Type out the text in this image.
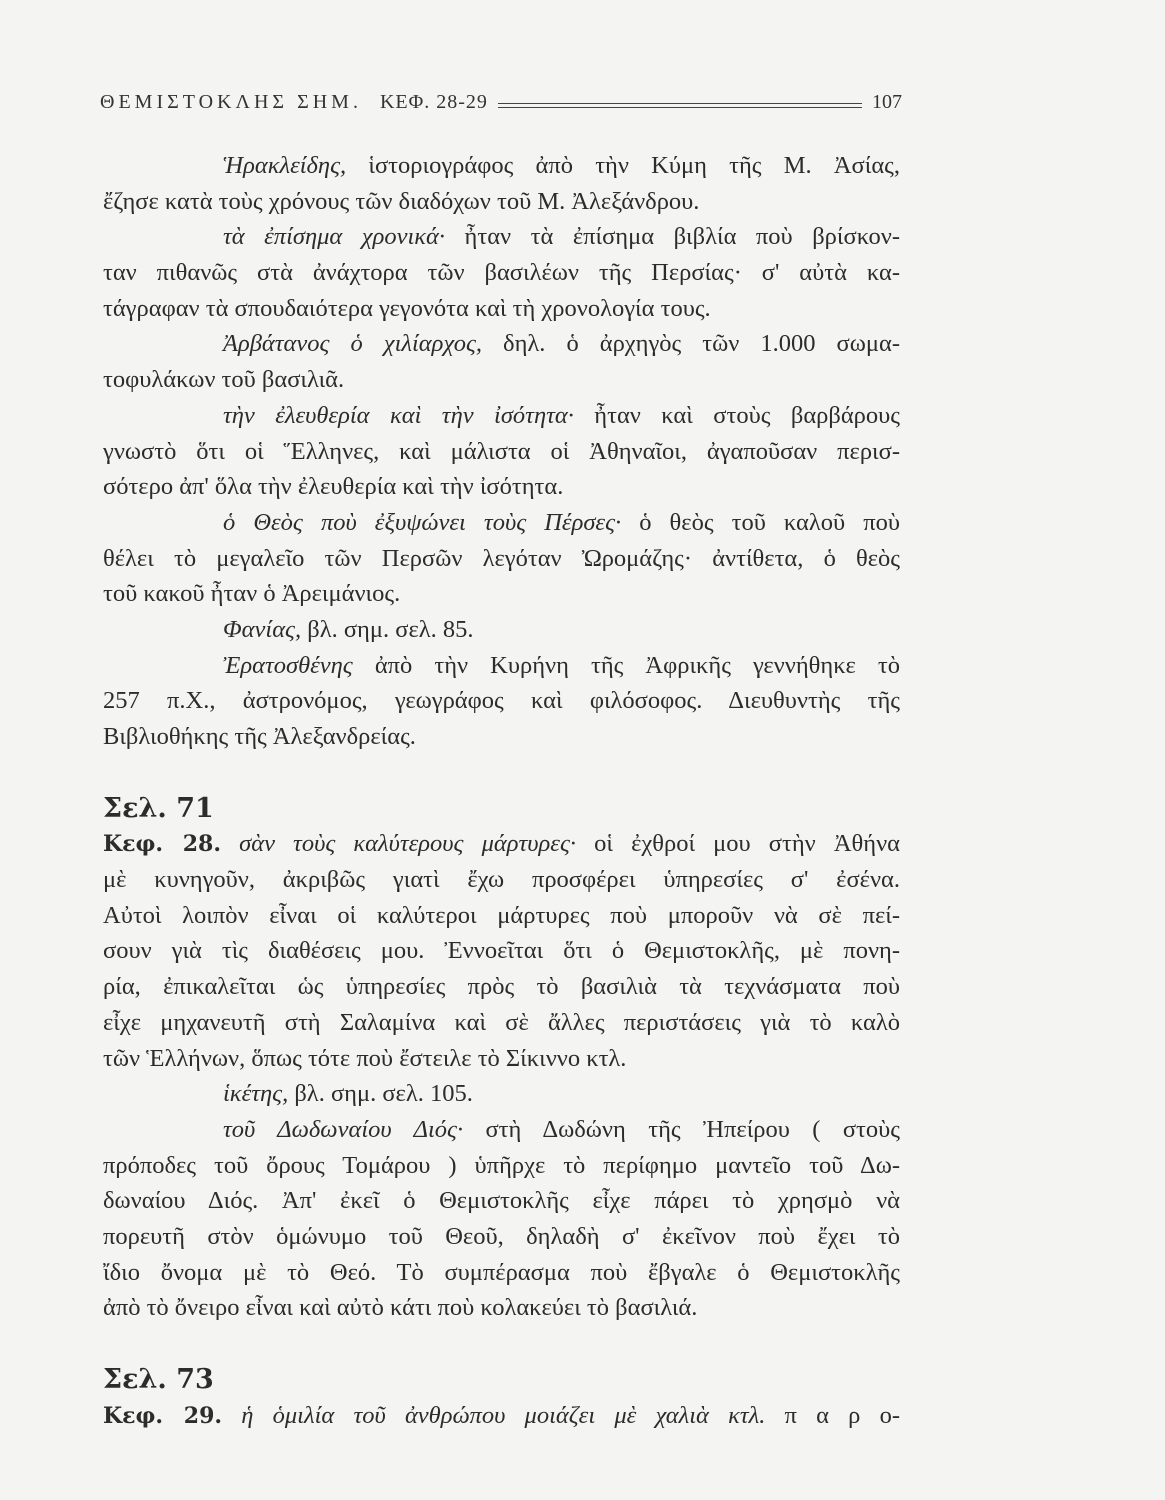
ΘΕΜΙΣΤΟΚΛΗΣ ΣΗΜ. ΚΕΦ. 28-29	107
Ἡρακλείδης, ἱστοριογράφος ἀπὸ τὴν Κύμη τῆς Μ. Ἀσίας,
ἔζησε κατὰ τοὺς χρόνους τῶν διαδόχων τοῦ Μ. Ἀλεξάνδρου.
τὰ ἐπίσημα χρονικά· ἦταν τὰ ἐπίσημα βιβλία ποὺ βρίσκον-
ταν πιθανῶς στὰ ἀνάχτορα τῶν βασιλέων τῆς Περσίας· σ' αὐτὰ κα-
τάγραφαν τὰ σπουδαιότερα γεγονότα καὶ τὴ χρονολογία τους.
Ἀρβάτανος ὁ χιλίαρχος, δηλ. ὁ ἀρχηγὸς τῶν 1.000 σωμα-
τοφυλάκων τοῦ βασιλιᾶ.
τὴν ἐλευθερία καὶ τὴν ἰσότητα· ἦταν καὶ στοὺς βαρβάρους
γνωστὸ ὅτι οἱ Ἕλληνες, καὶ μάλιστα οἱ Ἀθηναῖοι, ἀγαποῦσαν περισ-
σότερο ἀπ' ὅλα τὴν ἐλευθερία καὶ τὴν ἰσότητα.
ὁ Θεὸς ποὺ ἐξυψώνει τοὺς Πέρσες· ὁ θεὸς τοῦ καλοῦ ποὺ
θέλει τὸ μεγαλεῖο τῶν Περσῶν λεγόταν Ὠρομάζης· ἀντίθετα, ὁ θεὸς
τοῦ κακοῦ ἦταν ὁ Ἀρειμάνιος.
Φανίας, βλ. σημ. σελ. 85.
Ἐρατοσθένης ἀπὸ τὴν Κυρήνη τῆς Ἀφρικῆς γεννήθηκε τὸ
257 π.Χ., ἀστρονόμος, γεωγράφος καὶ φιλόσοφος. Διευθυντὴς τῆς
Βιβλιοθήκης τῆς Ἀλεξανδρείας.
Σελ. 71
Κεφ. 28. σὰν τοὺς καλύτερους μάρτυρες· οἱ ἐχθροί μου στὴν Ἀθήνα
μὲ κυνηγοῦν, ἀκριβῶς γιατὶ ἔχω προσφέρει ὑπηρεσίες σ' ἐσένα.
Αὐτοὶ λοιπὸν εἶναι οἱ καλύτεροι μάρτυρες ποὺ μποροῦν νὰ σὲ πεί-
σουν γιὰ τὶς διαθέσεις μου. Ἐννοεῖται ὅτι ὁ Θεμιστοκλῆς, μὲ πονη-
ρία, ἐπικαλεῖται ὡς ὑπηρεσίες πρὸς τὸ βασιλιὰ τὰ τεχνάσματα ποὺ
εἶχε μηχανευτῆ στὴ Σαλαμίνα καὶ σὲ ἄλλες περιστάσεις γιὰ τὸ καλὸ
τῶν Ἑλλήνων, ὅπως τότε ποὺ ἔστειλε τὸ Σίκιννο κτλ.
ἱκέτης, βλ. σημ. σελ. 105.
τοῦ Δωδωναίου Διός· στὴ Δωδώνη τῆς Ἠπείρου ( στοὺς
πρόποδες τοῦ ὄρους Τομάρου ) ὑπῆρχε τὸ περίφημο μαντεῖο τοῦ Δω-
δωναίου Διός. Ἀπ' ἐκεῖ ὁ Θεμιστοκλῆς εἶχε πάρει τὸ χρησμὸ νὰ
πορευτῆ στὸν ὁμώνυμο τοῦ Θεοῦ, δηλαδὴ σ' ἐκεῖνον ποὺ ἔχει τὸ
ἴδιο ὄνομα μὲ τὸ Θεό. Τὸ συμπέρασμα ποὺ ἔβγαλε ὁ Θεμιστοκλῆς
ἀπὸ τὸ ὄνειρο εἶναι καὶ αὐτὸ κάτι ποὺ κολακεύει τὸ βασιλιά.
Σελ. 73
Κεφ. 29. ἡ ὁμιλία τοῦ ἀνθρώπου μοιάζει μὲ χαλιὰ κτλ. π α ρ ο-
